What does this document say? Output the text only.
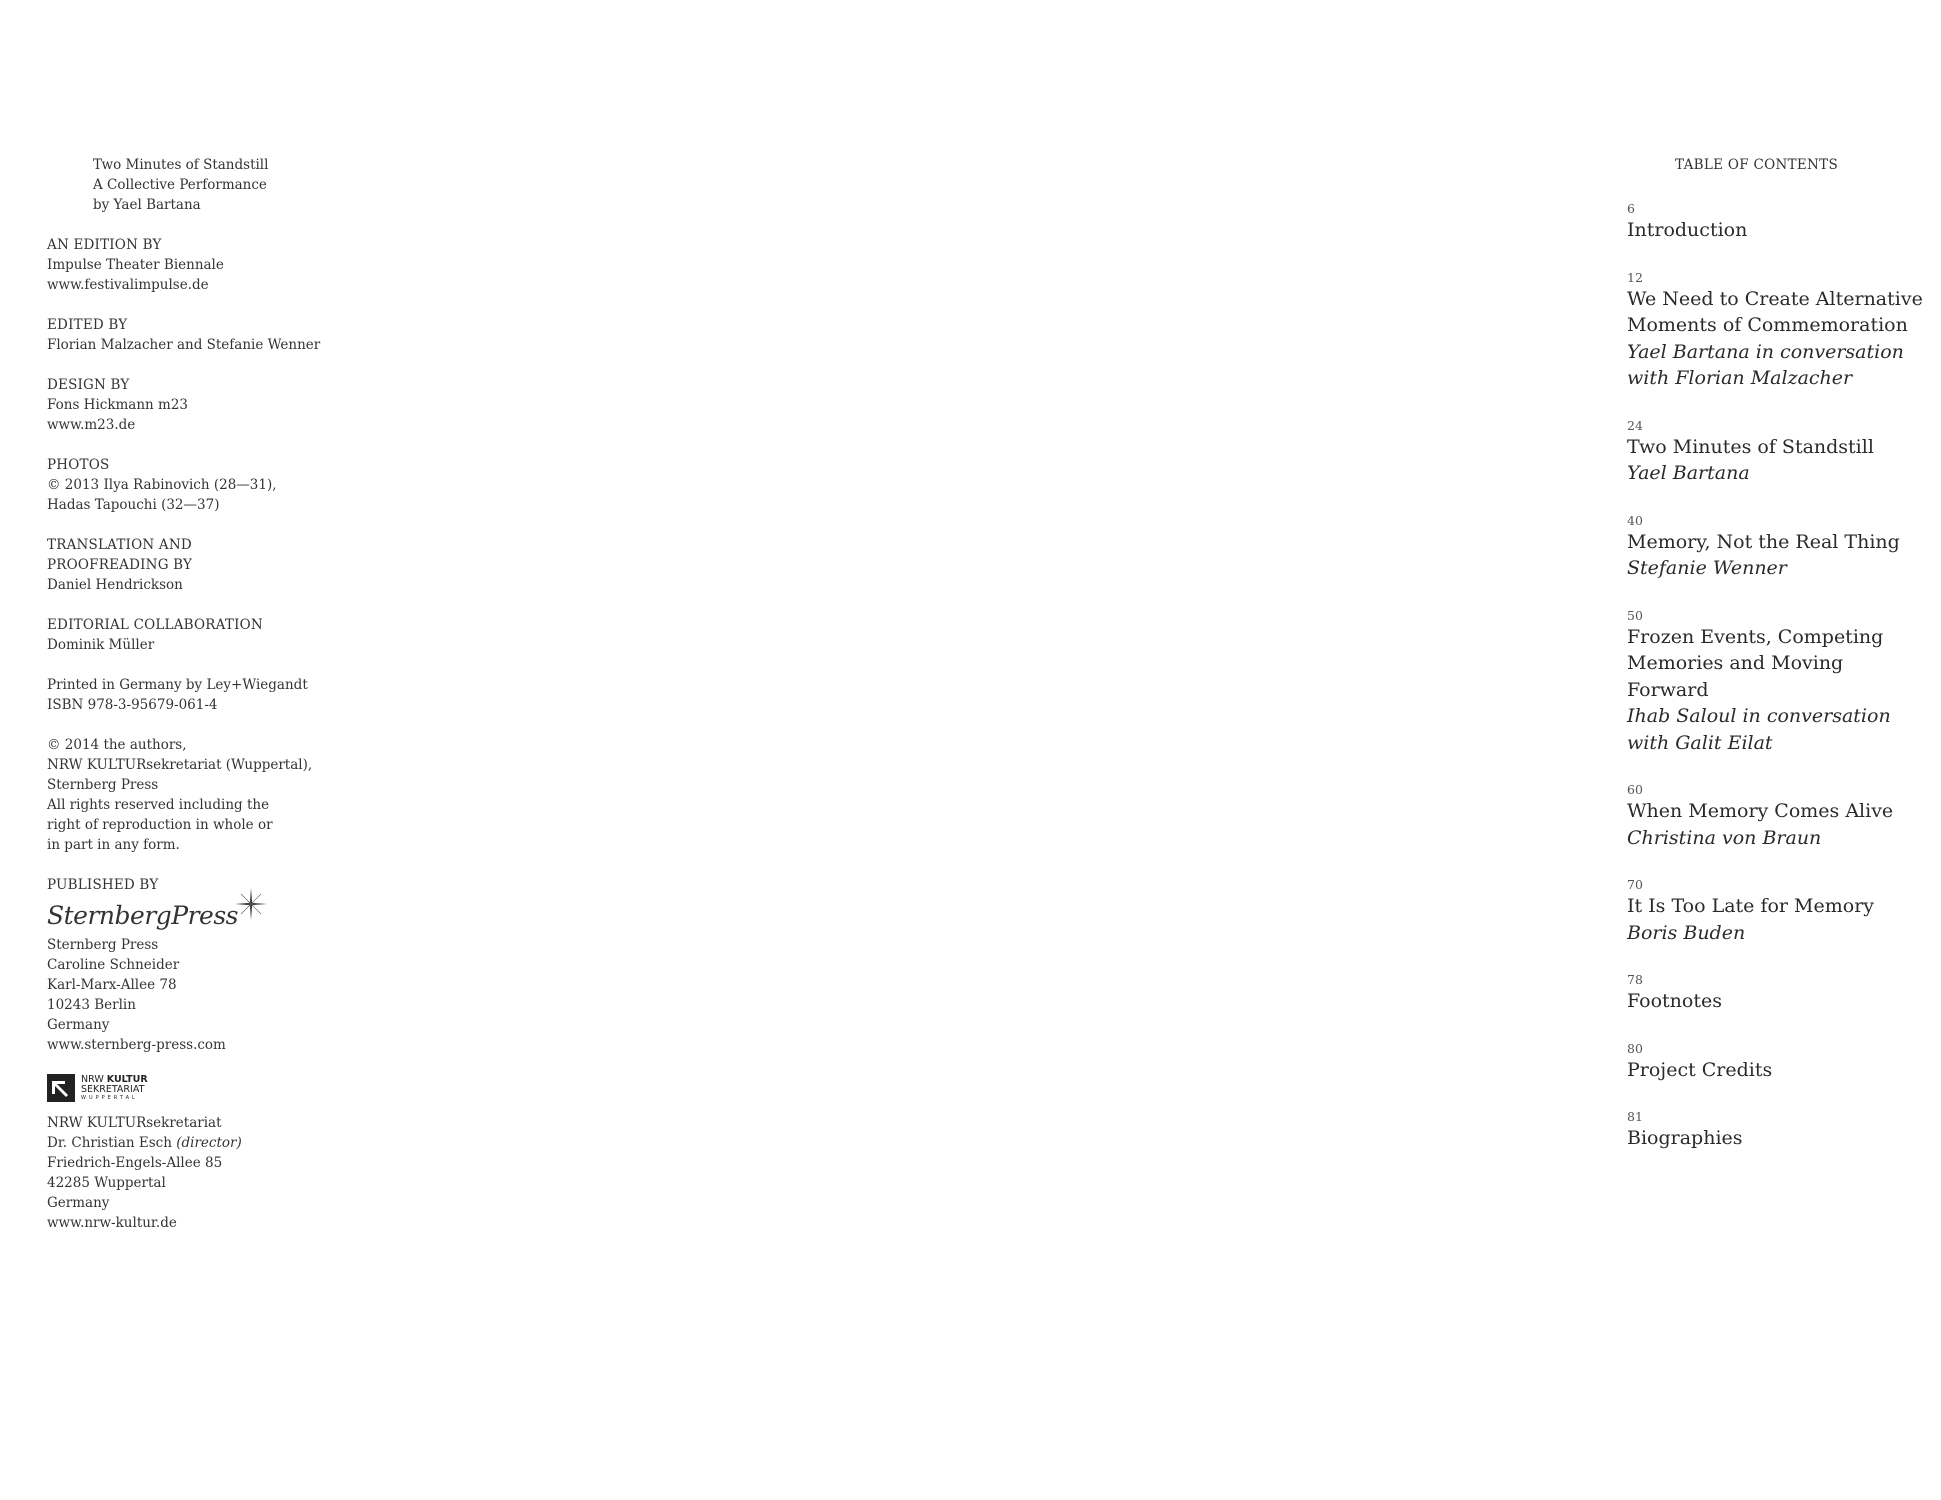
Two Minutes of Standstill
A Collective Performance
by Yael Bartana
AN EDITION BY
Impulse Theater Biennale
www.festivalimpulse.de
EDITED BY
Florian Malzacher and Stefanie Wenner
DESIGN BY
Fons Hickmann m23
www.m23.de
PHOTOS
© 2013 Ilya Rabinovich (28—31),
Hadas Tapouchi (32—37)
TRANSLATION AND
PROOFREADING BY
Daniel Hendrickson
EDITORIAL COLLABORATION
Dominik Müller
Printed in Germany by Ley+Wiegandt
ISBN 978-3-95679-061-4
© 2014 the authors,
NRW KULTURsekretariat (Wuppertal),
Sternberg Press
All rights reserved including the
right of reproduction in whole or
in part in any form.
PUBLISHED BY
SternbergPress
Sternberg Press
Caroline Schneider
Karl-Marx-Allee 78
10243 Berlin
Germany
www.sternberg-press.com
NRW KULTUR
SEKRETARIAT
WUPPERTAL
NRW KULTURsekretariat
Dr. Christian Esch (director)
Friedrich-Engels-Allee 85
42285 Wuppertal
Germany
www.nrw-kultur.de
TABLE OF CONTENTS
6
Introduction
12
We Need to Create Alternative
Moments of Commemoration
Yael Bartana in conversation
with Florian Malzacher
24
Two Minutes of Standstill
Yael Bartana
40
Memory, Not the Real Thing
Stefanie Wenner
50
Frozen Events, Competing
Memories and Moving Forward
Ihab Saloul in conversation
with Galit Eilat
60
When Memory Comes Alive
Christina von Braun
70
It Is Too Late for Memory
Boris Buden
78
Footnotes
80
Project Credits
81
Biographies
